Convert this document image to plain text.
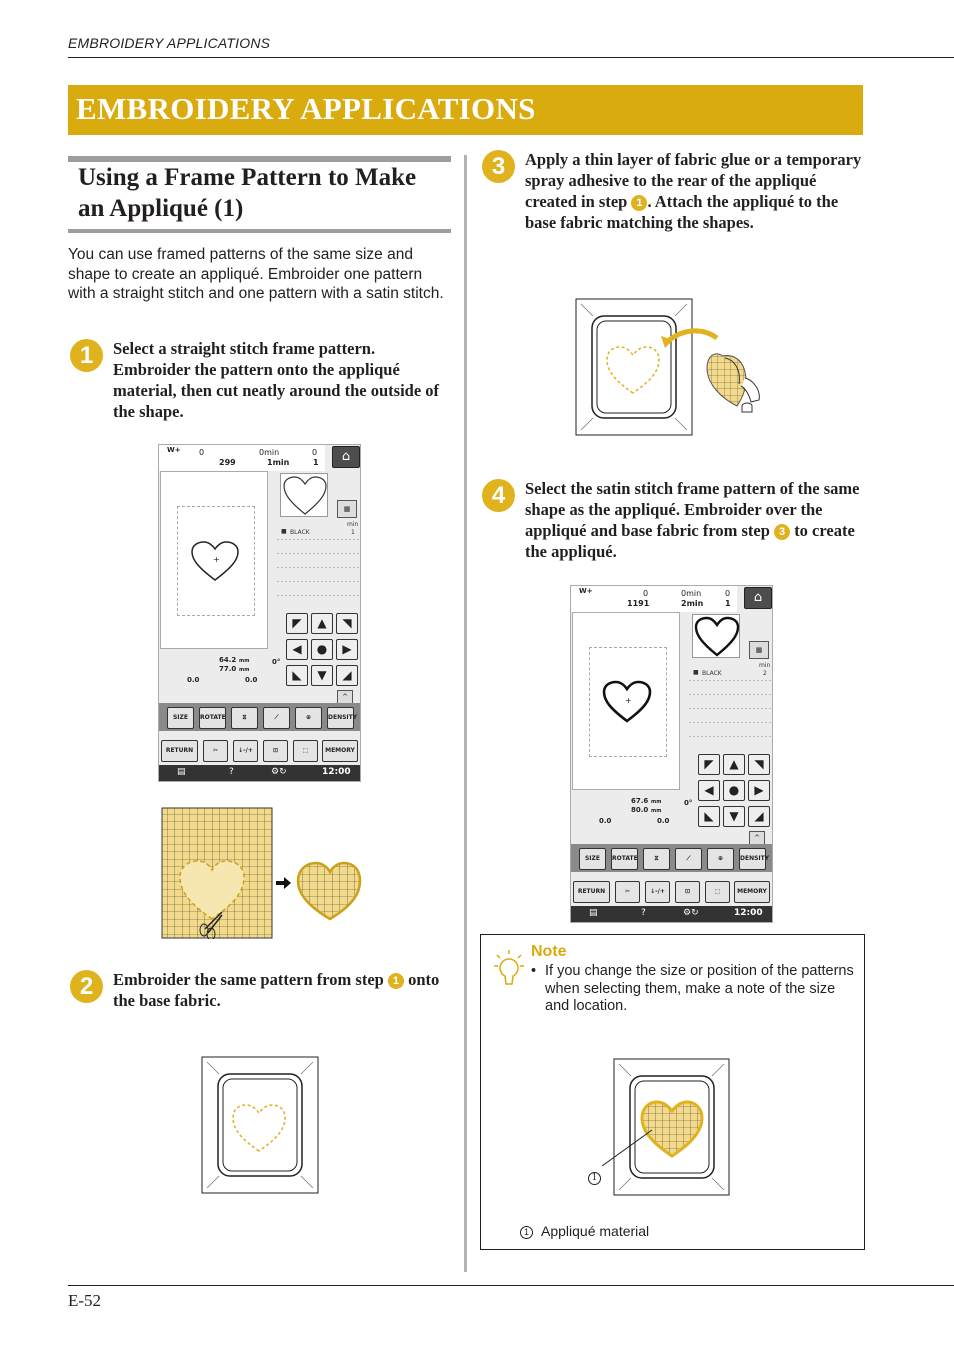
EMBROIDERY APPLICATIONS
EMBROIDERY APPLICATIONS
Using a Frame Pattern to Make an Appliqué (1)
You can use framed patterns of the same size and shape to create an appliqué. Embroider one pattern with a straight stitch and one pattern with a satin stitch.
1	Select a straight stitch frame pattern. Embroider the pattern onto the appliqué material, then cut neatly around the outside of the shape.
W+ 0
299
0min
1min
0
1	⌂
+
▦
■ BLACK
min
1
◤	▲	◥
◀	●	▶
◣	▼	◢
64.2 mm
77.0 mm
0°
0.0	0.0
^
SIZE	ROTATE	⧖	⟋	⊕	DENSITY
RETURN	✂	↓-/+	⊡	⬚	MEMORY
▤	?	⚙↻	12:00
2	Embroider the same pattern from step 1 onto the base fabric.
3	Apply a thin layer of fabric glue or a temporary spray adhesive to the rear of the appliqué created in step 1 . Attach the appliqué to the base fabric matching the shapes.
4	Select the satin stitch frame pattern of the same shape as the appliqué. Embroider over the appliqué and base fabric from step 3 to create the appliqué.
W+	0
1191
0min
2min
0
1	⌂
+
▦
■ BLACK
min
2
◤	▲	◥
◀	●	▶
◣	▼	◢
67.6 mm
80.0 mm
0°
0.0	0.0
^
SIZE	ROTATE	⧖	⟋	⊕	DENSITY
RETURN	✂	↓-/+	⊡	⬚	MEMORY
▤	?	⚙↻	12:00
Note
• If you change the size or position of the patterns when selecting them, make a note of the size and location.
1
1 Appliqué material
E-52
